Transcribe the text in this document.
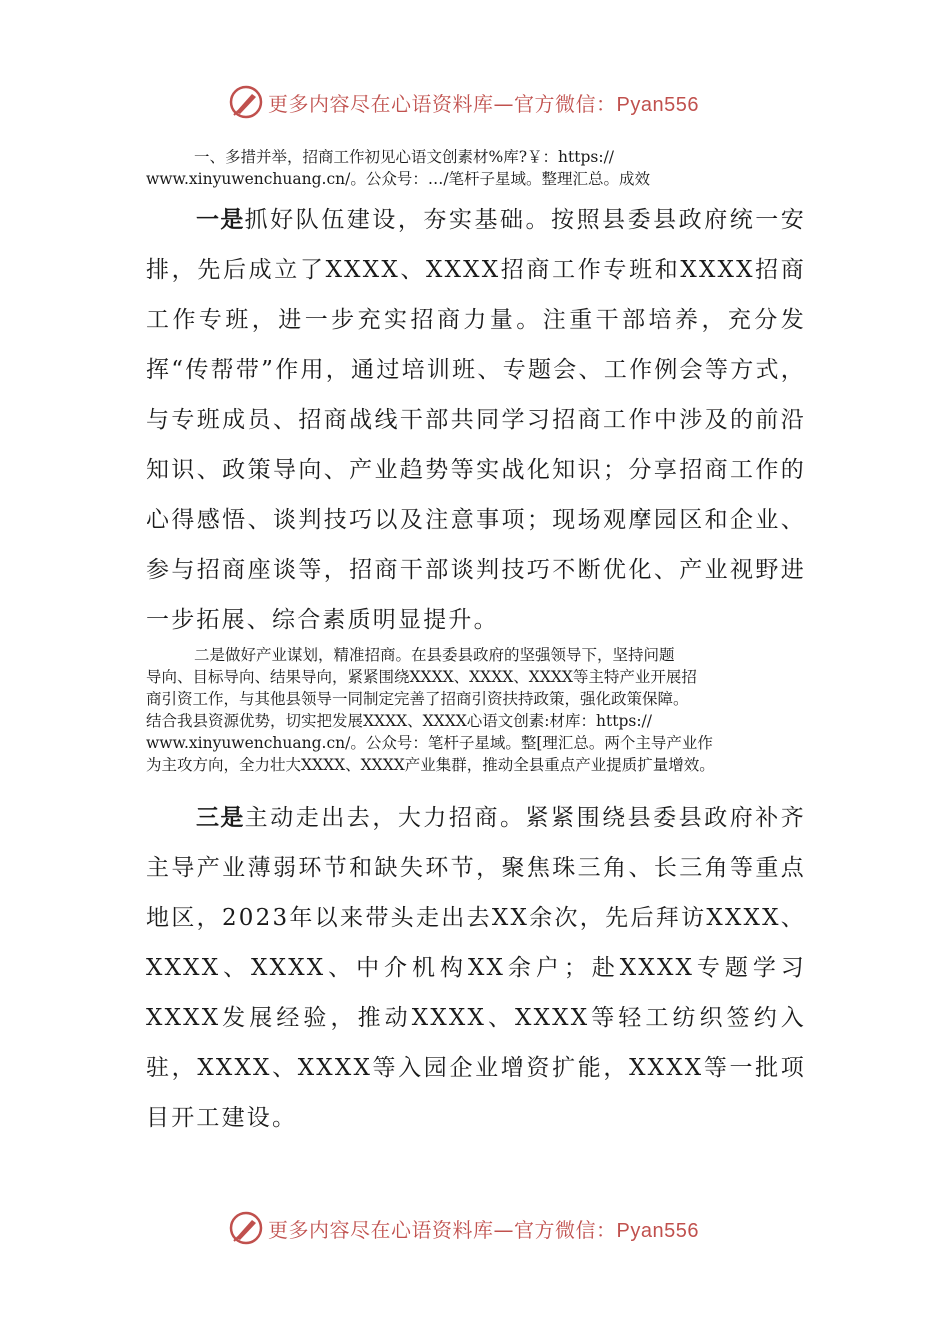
更多内容尽在心语资料库—官方微信：Pyan556

一、多措并举，招商工作初见心语文创素材%库?￥：https://

www.xinyuwenchuang.cn/。公众号：…/笔杆子星域。整理汇总。成效

一是抓好队伍建设，夯实基础。按照县委县政府统一安排，先后成立了XXXX、XXXX招商工作专班和XXXX招商工作专班，进一步充实招商力量。注重干部培养，充分发挥“传帮带”作用，通过培训班、专题会、工作例会等方式，与专班成员、招商战线干部共同学习招商工作中涉及的前沿知识、政策导向、产业趋势等实战化知识；分享招商工作的心得感悟、谈判技巧以及注意事项；现场观摩园区和企业、参与招商座谈等，招商干部谈判技巧不断优化、产业视野进一步拓展、综合素质明显提升。

二是做好产业谋划，精准招商。在县委县政府的坚强领导下，坚持问题

导向、目标导向、结果导向，紧紧围绕XXXX、XXXX、XXXX等主特产业开展招

商引资工作，与其他县领导一同制定完善了招商引资扶持政策，强化政策保障。

结合我县资源优势，切实把发展XXXX、XXXX心语文创素:材库：https://

www.xinyuwenchuang.cn/。公众号：笔杆子星域。整[理汇总。两个主导产业作

为主攻方向，全力壮大XXXX、XXXX产业集群，推动全县重点产业提质扩量增效。

三是主动走出去，大力招商。紧紧围绕县委县政府补齐主导产业薄弱环节和缺失环节，聚焦珠三角、长三角等重点地区，2023年以来带头走出去XX余次，先后拜访XXXX、XXXX、XXXX、中介机构XX余户；赴XXXX专题学习XXXX发展经验，推动XXXX、XXXX等轻工纺织签约入驻，XXXX、XXXX等入园企业增资扩能，XXXX等一批项目开工建设。

更多内容尽在心语资料库—官方微信：Pyan556
